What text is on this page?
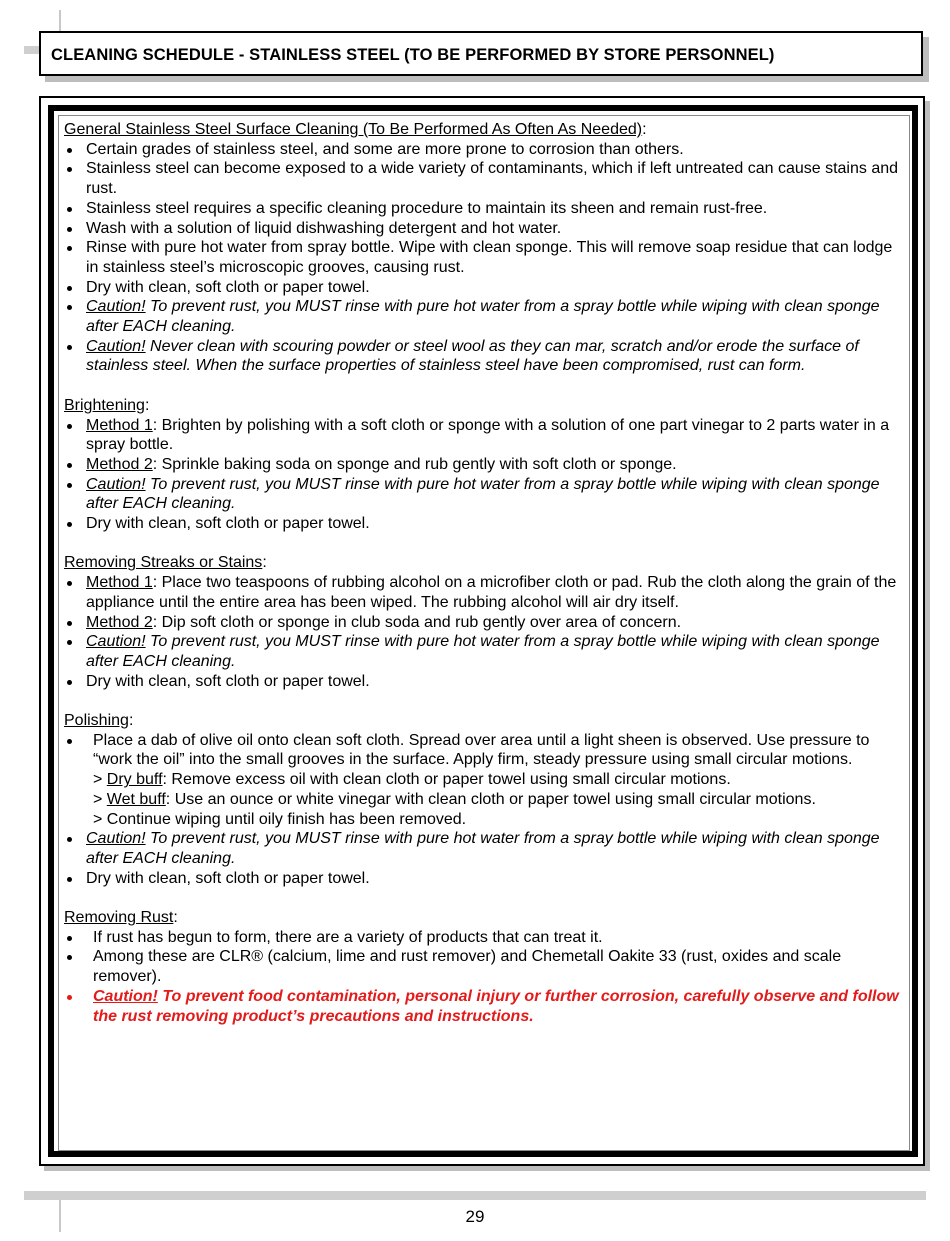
CLEANING SCHEDULE - STAINLESS STEEL (TO BE PERFORMED BY STORE PERSONNEL)
General Stainless Steel Surface Cleaning (To Be Performed As Often As Needed):
Certain grades of stainless steel, and some are more prone to corrosion than others.
Stainless steel can become exposed to a wide variety of contaminants, which if left untreated can cause stains and rust.
Stainless steel requires a specific cleaning procedure to maintain its sheen and remain rust-free.
Wash with a solution of liquid dishwashing detergent and hot water.
Rinse with pure hot water from spray bottle. Wipe with clean sponge. This will remove soap residue that can lodge in stainless steel’s microscopic grooves, causing rust.
Dry with clean, soft cloth or paper towel.
Caution! To prevent rust, you MUST rinse with pure hot water from a spray bottle while wiping with clean sponge after EACH cleaning.
Caution! Never clean with scouring powder or steel wool as they can mar, scratch and/or erode the surface of stainless steel. When the surface properties of stainless steel have been compromised, rust can form.
Brightening:
Method 1: Brighten by polishing with a soft cloth or sponge with a solution of one part vinegar to 2 parts water in a spray bottle.
Method 2: Sprinkle baking soda on sponge and rub gently with soft cloth or sponge.
Caution! To prevent rust, you MUST rinse with pure hot water from a spray bottle while wiping with clean sponge after EACH cleaning.
Dry with clean, soft cloth or paper towel.
Removing Streaks or Stains:
Method 1: Place two teaspoons of rubbing alcohol on a microfiber cloth or pad. Rub the cloth along the grain of the appliance until the entire area has been wiped. The rubbing alcohol will air dry itself.
Method 2: Dip soft cloth or sponge in club soda and rub gently over area of concern.
Caution! To prevent rust, you MUST rinse with pure hot water from a spray bottle while wiping with clean sponge after EACH cleaning.
Dry with clean, soft cloth or paper towel.
Polishing:
Place a dab of olive oil onto clean soft cloth. Spread over area until a light sheen is observed. Use pressure to “work the oil” into the small grooves in the surface. Apply firm, steady pressure using small circular motions.
> Dry buff: Remove excess oil with clean cloth or paper towel using small circular motions.
> Wet buff: Use an ounce or white vinegar with clean cloth or paper towel using small circular motions.
> Continue wiping until oily finish has been removed.
Caution! To prevent rust, you MUST rinse with pure hot water from a spray bottle while wiping with clean sponge after EACH cleaning.
Dry with clean, soft cloth or paper towel.
Removing Rust:
If rust has begun to form, there are a variety of products that can treat it.
Among these are CLR® (calcium, lime and rust remover) and Chemetall Oakite 33 (rust, oxides and scale remover).
Caution! To prevent food contamination, personal injury or further corrosion, carefully observe and follow the rust removing product’s precautions and instructions.
29
